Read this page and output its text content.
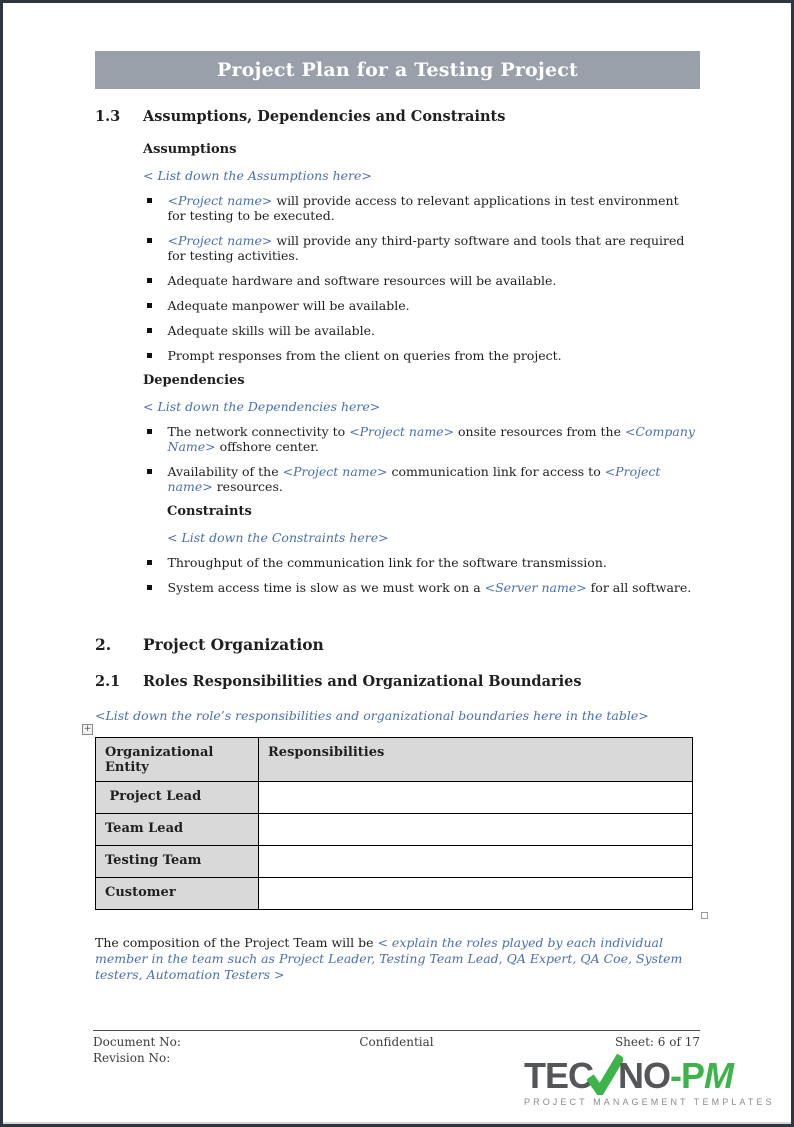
Project Plan for a Testing Project
1.3	Assumptions, Dependencies and Constraints
Assumptions
< List down the Assumptions here>

<Project name> will provide access to relevant applications in test environment for testing to be executed.

<Project name> will provide any third-party software and tools that are required for testing activities.

Adequate hardware and software resources will be available.

Adequate manpower will be available.

Adequate skills will be available.

Prompt responses from the client on queries from the project.

Dependencies
< List down the Dependencies here>

The network connectivity to <Project name> onsite resources from the <Company Name> offshore center.

Availability of the <Project name> communication link for access to <Project name> resources.

Constraints
< List down the Constraints here>

Throughput of the communication link for the software transmission.

System access time is slow as we must work on a <Server name> for all software.

2.	Project Organization
2.1	Roles Responsibilities and Organizational Boundaries
<List down the role’s responsibilities and organizational boundaries here in the table>
+
Organizational Entity	Responsibilities
Project Lead	
Team Lead	
Testing Team	
Customer	

The composition of the Project Team will be < explain the roles played by each individual member in the team such as Project Leader, Testing Team Lead, QA Expert, QA Coe, System testers, Automation Testers >

Document No:
Revision No:
Confidential	Sheet: 6 of 17
TEC NO-PM
PROJECT MANAGEMENT TEMPLATES
